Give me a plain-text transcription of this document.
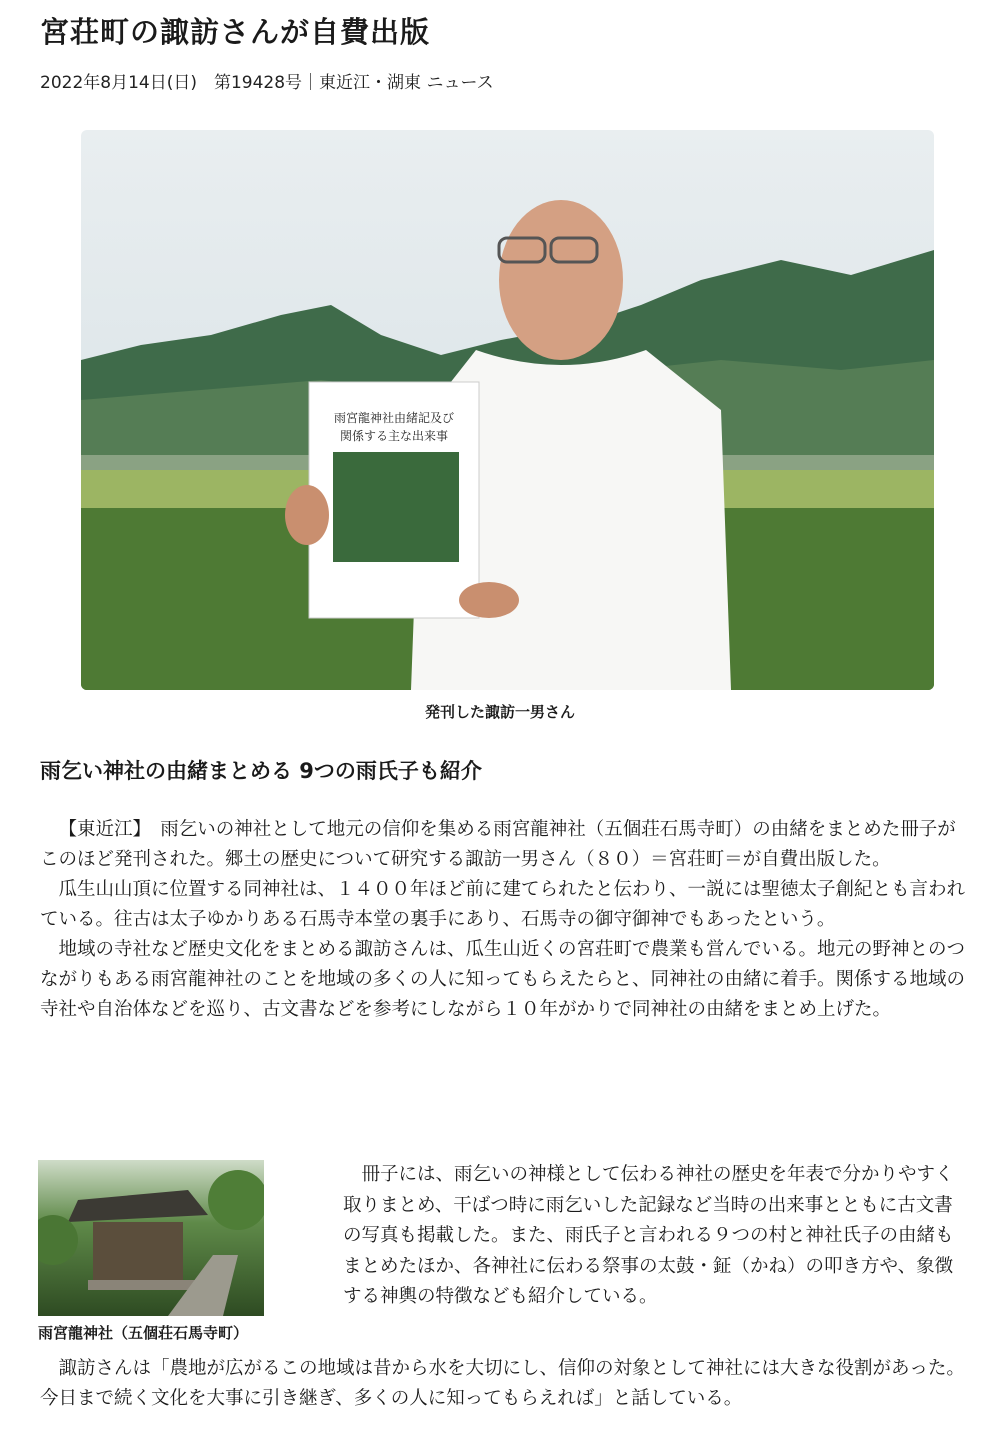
宮荘町の諏訪さんが自費出版
2022年8月14日(日)　第19428号｜東近江・湖東 ニュース
雨宮龍神社由緒記及び
関係する主な出来事
発刊した諏訪一男さん
雨乞い神社の由緒まとめる 9つの雨氏子も紹介

【東近江】　雨乞いの神社として地元の信仰を集める雨宮龍神社（五個荘石馬寺町）の由緒をまとめた冊子がこのほど発刊された。郷土の歴史について研究する諏訪一男さん（８０）＝宮荘町＝が自費出版した。

瓜生山山頂に位置する同神社は、１４００年ほど前に建てられたと伝わり、一説には聖徳太子創紀とも言われている。往古は太子ゆかりある石馬寺本堂の裏手にあり、石馬寺の御守御神でもあったという。

地域の寺社など歴史文化をまとめる諏訪さんは、瓜生山近くの宮荘町で農業も営んでいる。地元の野神とのつながりもある雨宮龍神社のことを地域の多くの人に知ってもらえたらと、同神社の由緒に着手。関係する地域の寺社や自治体などを巡り、古文書などを参考にしながら１０年がかりで同神社の由緒をまとめ上げた。

雨宮龍神社（五個荘石馬寺町）

冊子には、雨乞いの神様として伝わる神社の歴史を年表で分かりやすく取りまとめ、干ばつ時に雨乞いした記録など当時の出来事とともに古文書の写真も掲載した。また、雨氏子と言われる９つの村と神社氏子の由緒もまとめたほか、各神社に伝わる祭事の太鼓・鉦（かね）の叩き方や、象徴する神輿の特徴なども紹介している。

諏訪さんは「農地が広がるこの地域は昔から水を大切にし、信仰の対象として神社には大きな役割があった。今日まで続く文化を大事に引き継ぎ、多くの人に知ってもらえれば」と話している。
